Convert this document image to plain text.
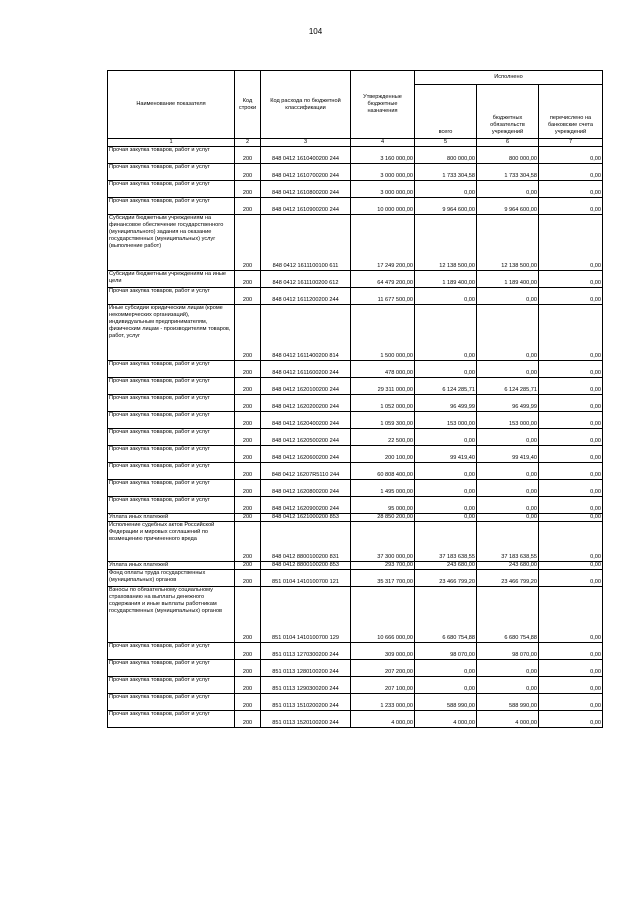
104
Наименование показателя	Код строки	Код расхода по бюджетной классификации	Утвержденные бюджетные назначения	Исполнено		
				всего	бюджетных обязательств учреждений	перечислено на банковские счета учреждений
1	2	3	4	5	6	7
Прочая закупка товаров, работ и услуг	200	848 0412 1610400200 244	3 160 000,00	800 000,00	800 000,00	0,00
Прочая закупка товаров, работ и услуг	200	848 0412 1610700200 244	3 000 000,00	1 733 304,58	1 733 304,58	0,00
Прочая закупка товаров, работ и услуг	200	848 0412 1610800200 244	3 000 000,00	0,00	0,00	0,00
Прочая закупка товаров, работ и услуг	200	848 0412 1610900200 244	10 000 000,00	9 964 600,00	9 964 600,00	0,00
Субсидии бюджетным учреждениям на финансовое обеспечение государственного (муниципального) задания на оказание государственных (муниципальных) услуг (выполнение работ)	200	848 0412 1611100100 611	17 249 200,00	12 138 500,00	12 138 500,00	0,00
Субсидии бюджетным учреждениям на иные цели	200	848 0412 1611100200 612	64 479 200,00	1 189 400,00	1 189 400,00	0,00
Прочая закупка товаров, работ и услуг	200	848 0412 1611200200 244	11 677 500,00	0,00	0,00	0,00
Иные субсидии юридическим лицам (кроме некоммерческих организаций), индивидуальным предпринимателям, физическим лицам - производителям товаров, работ, услуг	200	848 0412 1611400200 814	1 500 000,00	0,00	0,00	0,00
Прочая закупка товаров, работ и услуг	200	848 0412 1611600200 244	478 000,00	0,00	0,00	0,00
Прочая закупка товаров, работ и услуг	200	848 0412 1620100200 244	29 311 000,00	6 124 285,71	6 124 285,71	0,00
Прочая закупка товаров, работ и услуг	200	848 0412 1620200200 244	1 052 000,00	96 499,99	96 499,99	0,00
Прочая закупка товаров, работ и услуг	200	848 0412 1620400200 244	1 059 300,00	153 000,00	153 000,00	0,00
Прочая закупка товаров, работ и услуг	200	848 0412 1620500200 244	22 500,00	0,00	0,00	0,00
Прочая закупка товаров, работ и услуг	200	848 0412 1620600200 244	200 100,00	99 419,40	99 419,40	0,00
Прочая закупка товаров, работ и услуг	200	848 0412 16207R5110 244	60 808 400,00	0,00	0,00	0,00
Прочая закупка товаров, работ и услуг	200	848 0412 1620800200 244	1 495 000,00	0,00	0,00	0,00
Прочая закупка товаров, работ и услуг	200	848 0412 1620900200 244	95 000,00	0,00	0,00	0,00
Уплата иных платежей	200	848 0412 1621000200 853	28 850 200,00	0,00	0,00	0,00
Исполнение судебных актов Российской Федерации и мировых соглашений по возмещению причиненного вреда	200	848 0412 8800100200 831	37 300 000,00	37 183 638,55	37 183 638,55	0,00
Уплата иных платежей	200	848 0412 8800100200 853	293 700,00	243 680,00	243 680,00	0,00
Фонд оплаты труда государственных (муниципальных) органов	200	851 0104 1410100700 121	35 317 700,00	23 466 799,20	23 466 799,20	0,00
Взносы по обязательному социальному страхованию на выплаты денежного содержания и иные выплаты работникам государственных (муниципальных) органов	200	851 0104 1410100700 129	10 666 000,00	6 680 754,88	6 680 754,88	0,00
Прочая закупка товаров, работ и услуг	200	851 0113 1270300200 244	309 000,00	98 070,00	98 070,00	0,00
Прочая закупка товаров, работ и услуг	200	851 0113 1280100200 244	207 200,00	0,00	0,00	0,00
Прочая закупка товаров, работ и услуг	200	851 0113 1290300200 244	207 100,00	0,00	0,00	0,00
Прочая закупка товаров, работ и услуг	200	851 0113 1510200200 244	1 233 000,00	588 990,00	588 990,00	0,00
Прочая закупка товаров, работ и услуг	200	851 0113 1520100200 244	4 000,00	4 000,00	4 000,00	0,00
